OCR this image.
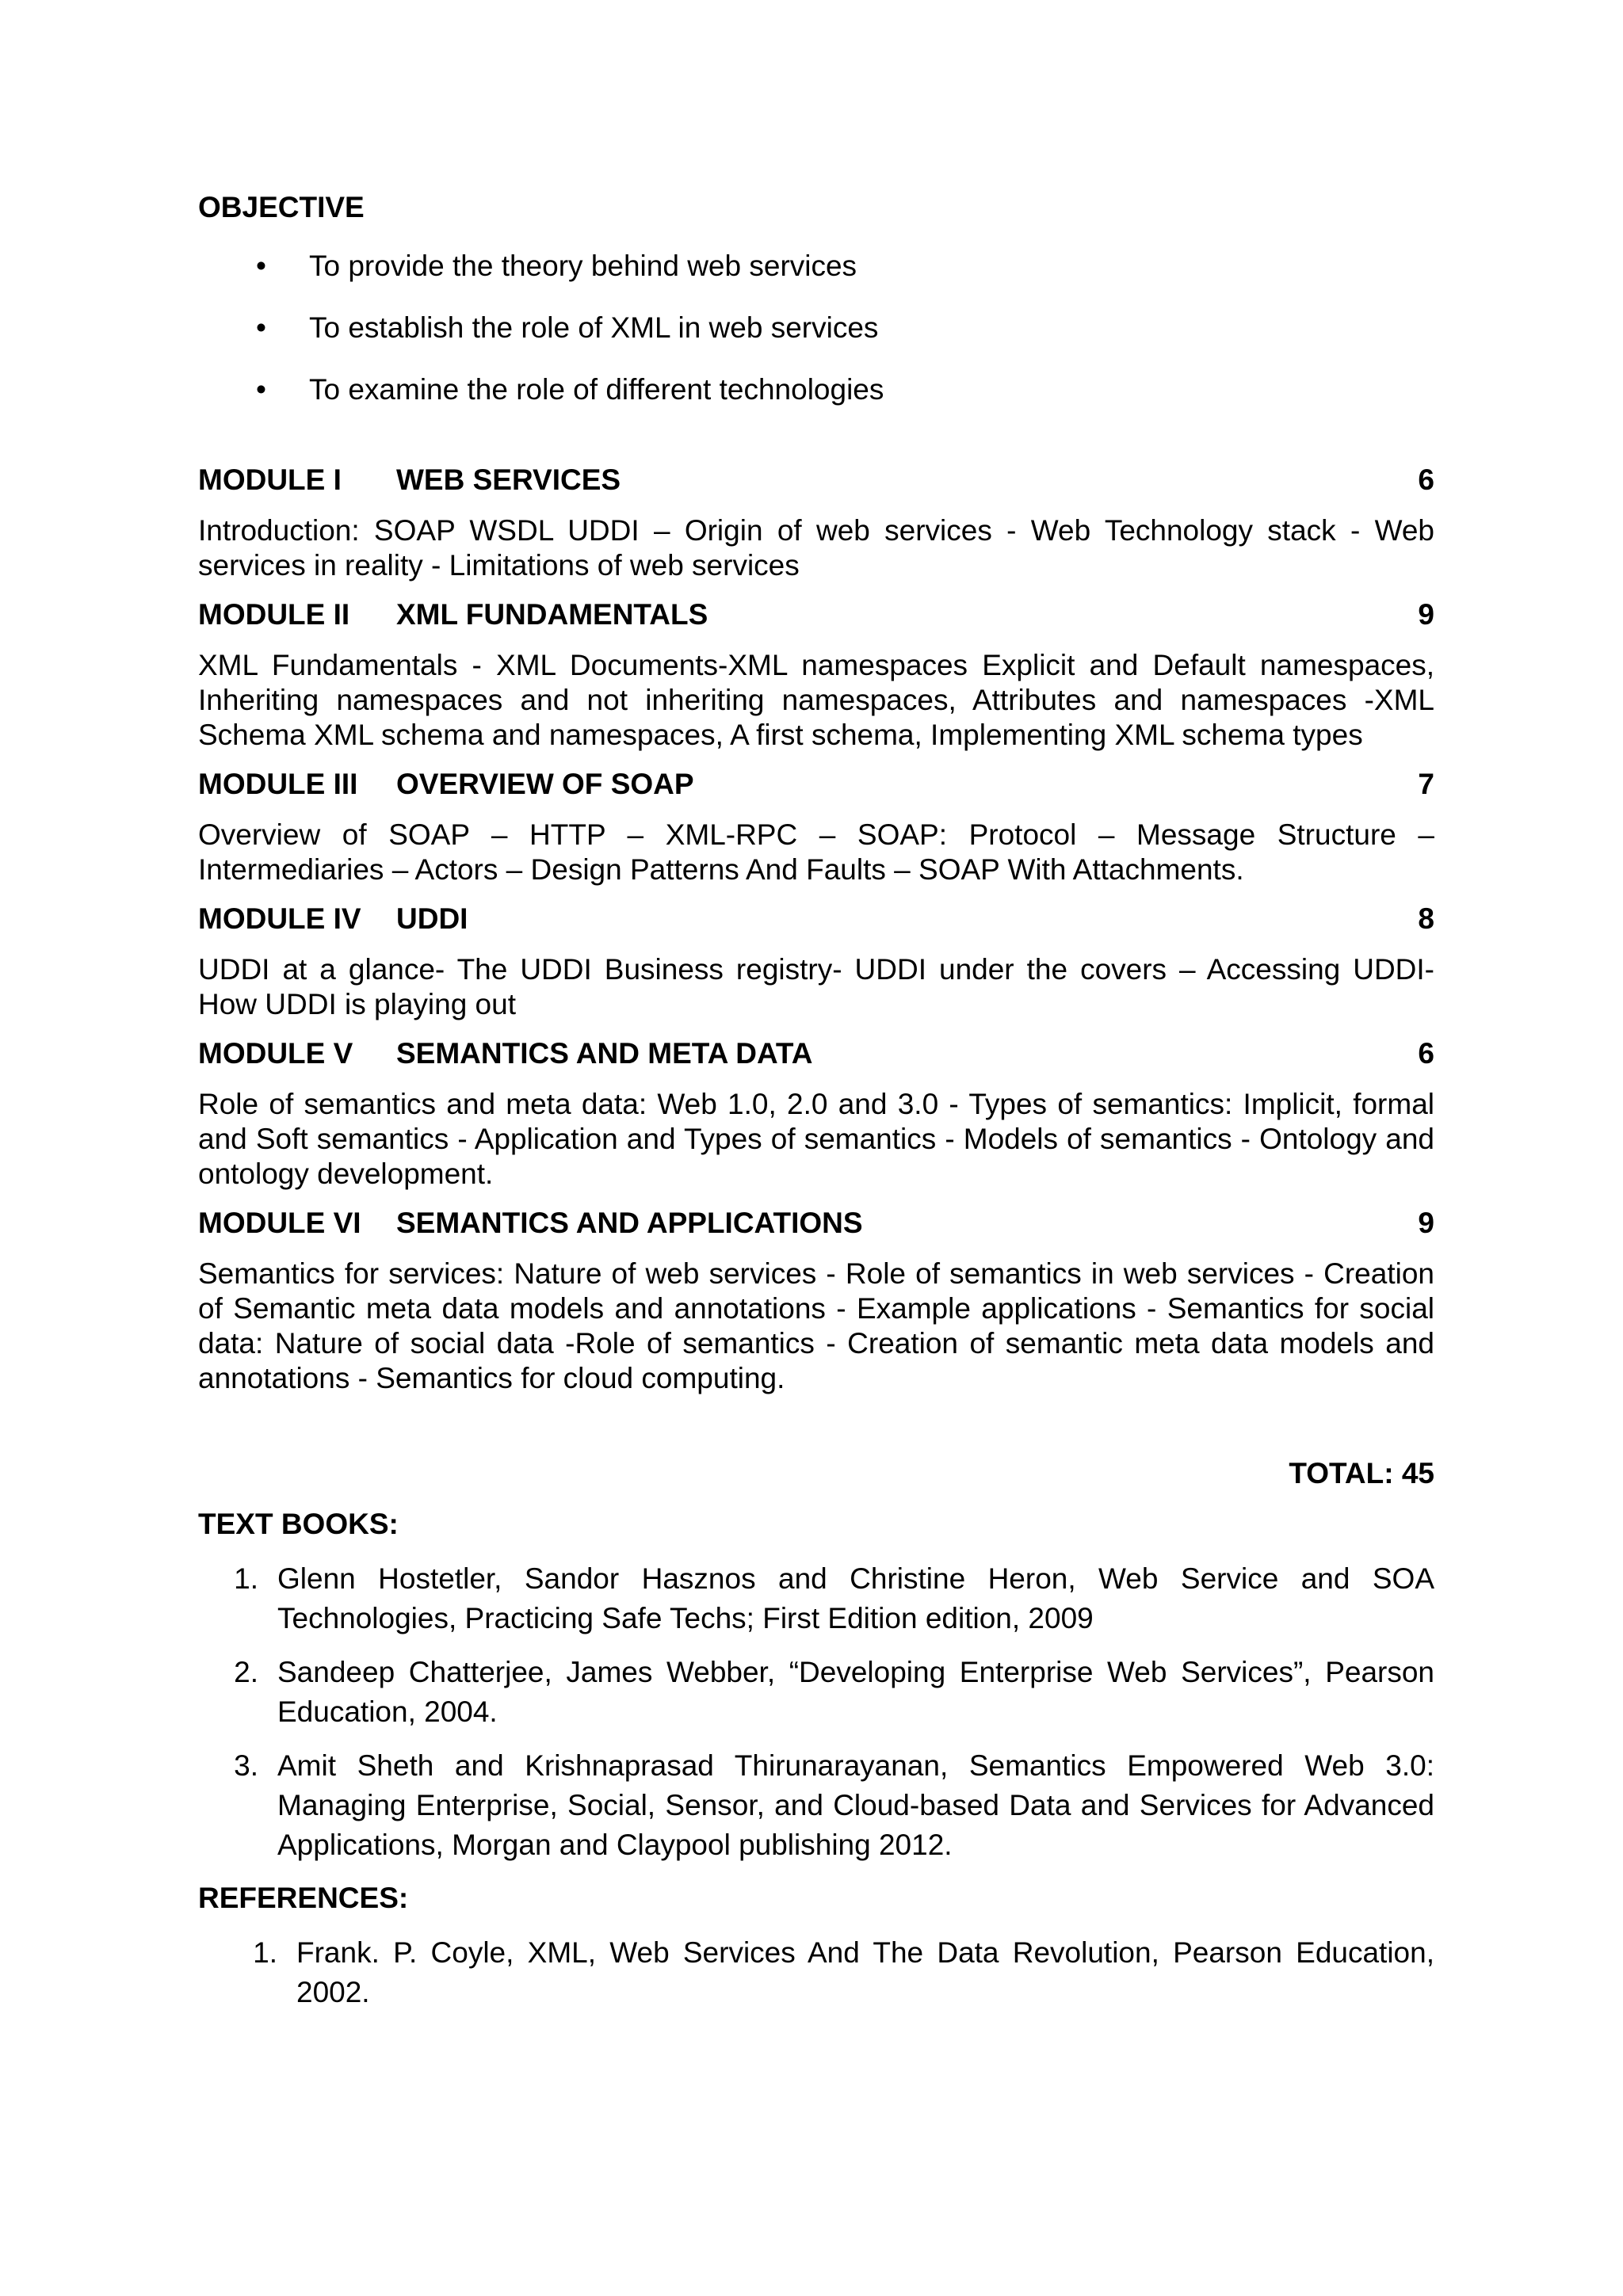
OBJECTIVE

• To provide the theory behind web services
• To establish the role of XML in web services
• To examine the role of different technologies
MODULE I	WEB SERVICES	6

Introduction: SOAP WSDL UDDI – Origin of web services - Web Technology stack - Web services in reality - Limitations of web services

MODULE II	XML FUNDAMENTALS	9

XML Fundamentals - XML Documents-XML namespaces Explicit and Default namespaces, Inheriting namespaces and not inheriting namespaces, Attributes and namespaces -XML Schema XML schema and namespaces, A first schema, Implementing XML schema types

MODULE III	OVERVIEW OF SOAP	7

Overview of SOAP – HTTP – XML-RPC – SOAP: Protocol – Message Structure – Intermediaries – Actors – Design Patterns And Faults – SOAP With Attachments.

MODULE IV	UDDI	8

UDDI at a glance- The UDDI Business registry- UDDI under the covers – Accessing UDDI- How UDDI is playing out

MODULE V	SEMANTICS AND META DATA	6

Role of semantics and meta data: Web 1.0, 2.0 and 3.0 - Types of semantics: Implicit, formal and Soft semantics - Application and Types of semantics - Models of semantics - Ontology and ontology development.

MODULE VI	SEMANTICS AND APPLICATIONS	9

Semantics for services: Nature of web services - Role of semantics in web services - Creation of Semantic meta data models and annotations - Example applications - Semantics for social data: Nature of social data -Role of semantics - Creation of semantic meta data models and annotations - Semantics for cloud computing.

TOTAL: 45
TEXT BOOKS:
1. Glenn Hostetler, Sandor Hasznos and Christine Heron, Web Service and SOA Technologies, Practicing Safe Techs; First Edition edition, 2009
2. Sandeep Chatterjee, James Webber, “Developing Enterprise Web Services”, Pearson Education, 2004.
3. Amit Sheth and Krishnaprasad Thirunarayanan, Semantics Empowered Web 3.0: Managing Enterprise, Social, Sensor, and Cloud-based Data and Services for Advanced Applications, Morgan and Claypool publishing 2012.
REFERENCES:
1. Frank. P. Coyle, XML, Web Services And The Data Revolution, Pearson Education, 2002.
